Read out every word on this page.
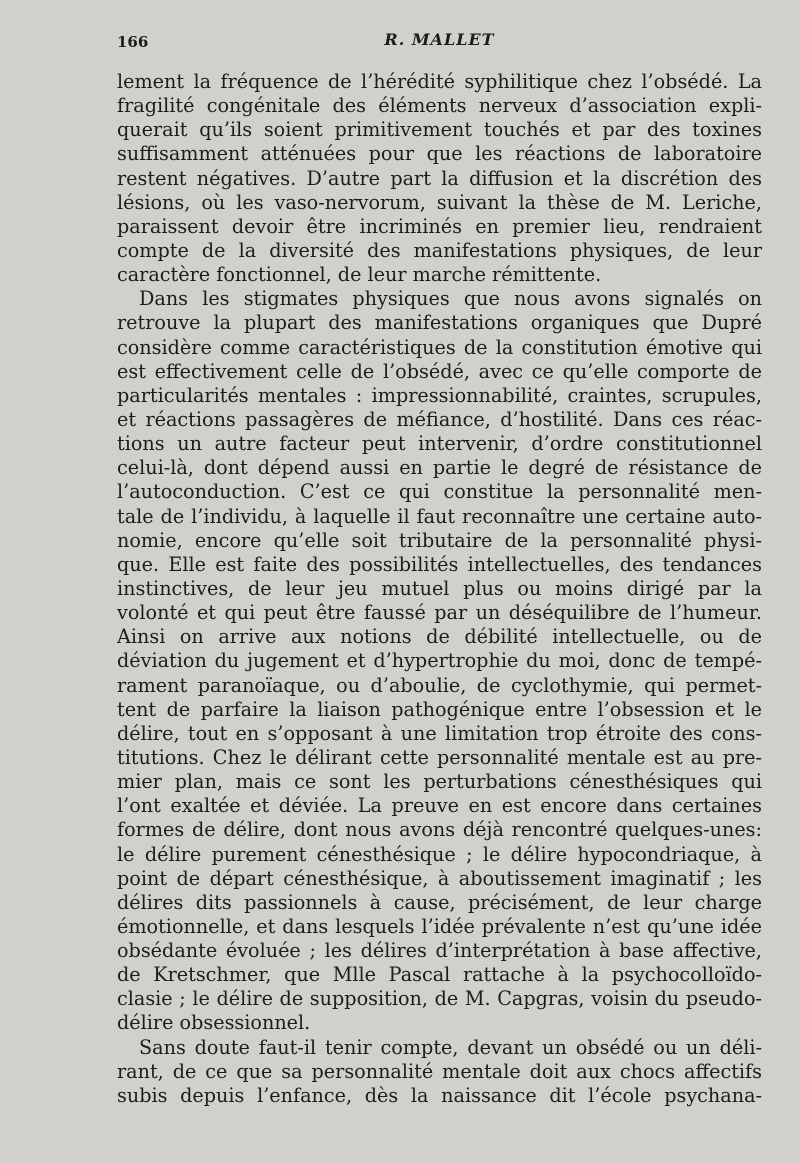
166	R. MALLET
lement la fréquence de l’hérédité syphilitique chez l’obsédé. La
fragilité congénitale des éléments nerveux d’association expli-
querait qu’ils soient primitivement touchés et par des toxines
suffisamment atténuées pour que les réactions de laboratoire
restent négatives. D’autre part la diffusion et la discrétion des
lésions, où les vaso-nervorum, suivant la thèse de M. Leriche,
paraissent devoir être incriminés en premier lieu, rendraient
compte de la diversité des manifestations physiques, de leur
caractère fonctionnel, de leur marche rémittente.
Dans les stigmates physiques que nous avons signalés on
retrouve la plupart des manifestations organiques que Dupré
considère comme caractéristiques de la constitution émotive qui
est effectivement celle de l’obsédé, avec ce qu’elle comporte de
particularités mentales : impressionnabilité, craintes, scrupules,
et réactions passagères de méfiance, d’hostilité. Dans ces réac-
tions un autre facteur peut intervenir, d’ordre constitutionnel
celui-là, dont dépend aussi en partie le degré de résistance de
l’autoconduction. C’est ce qui constitue la personnalité men-
tale de l’individu, à laquelle il faut reconnaître une certaine auto-
nomie, encore qu’elle soit tributaire de la personnalité physi-
que. Elle est faite des possibilités intellectuelles, des tendances
instinctives, de leur jeu mutuel plus ou moins dirigé par la
volonté et qui peut être faussé par un déséquilibre de l’humeur.
Ainsi on arrive aux notions de débilité intellectuelle, ou de
déviation du jugement et d’hypertrophie du moi, donc de tempé-
rament paranoïaque, ou d’aboulie, de cyclothymie, qui permet-
tent de parfaire la liaison pathogénique entre l’obsession et le
délire, tout en s’opposant à une limitation trop étroite des cons-
titutions. Chez le délirant cette personnalité mentale est au pre-
mier plan, mais ce sont les perturbations cénesthésiques qui
l’ont exaltée et déviée. La preuve en est encore dans certaines
formes de délire, dont nous avons déjà rencontré quelques-unes:
le délire purement cénesthésique ; le délire hypocondriaque, à
point de départ cénesthésique, à aboutissement imaginatif ; les
délires dits passionnels à cause, précisément, de leur charge
émotionnelle, et dans lesquels l’idée prévalente n’est qu’une idée
obsédante évoluée ; les délires d’interprétation à base affective,
de Kretschmer, que Mlle Pascal rattache à la psychocolloïdo-
clasie ; le délire de supposition, de M. Capgras, voisin du pseudo-
délire obsessionnel.
Sans doute faut-il tenir compte, devant un obsédé ou un déli-
rant, de ce que sa personnalité mentale doit aux chocs affectifs
subis depuis l’enfance, dès la naissance dit l’école psychana-
